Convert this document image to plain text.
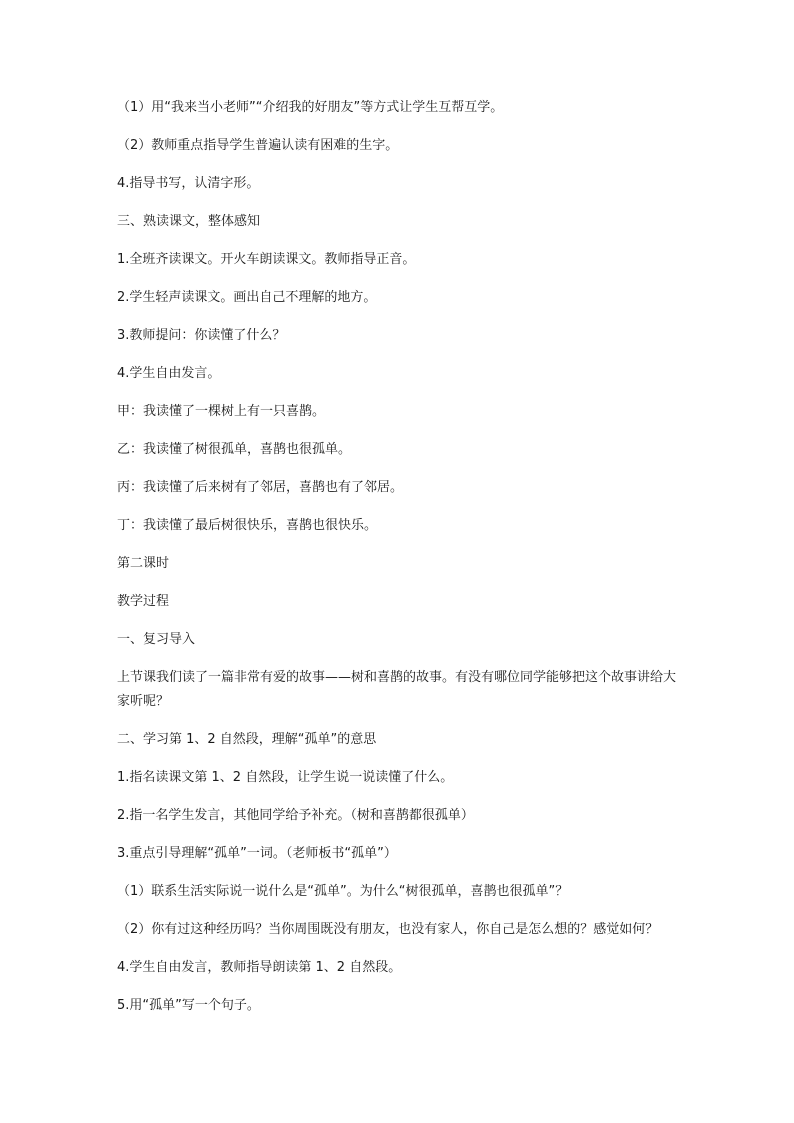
（1）用“我来当小老师”“介绍我的好朋友”等方式让学生互帮互学。

（2）教师重点指导学生普遍认读有困难的生字。

4.指导书写，认清字形。

三、熟读课文，整体感知

1.全班齐读课文。开火车朗读课文。教师指导正音。

2.学生轻声读课文。画出自己不理解的地方。

3.教师提问：你读懂了什么？

4.学生自由发言。

甲：我读懂了一棵树上有一只喜鹊。

乙：我读懂了树很孤单，喜鹊也很孤单。

丙：我读懂了后来树有了邻居，喜鹊也有了邻居。

丁：我读懂了最后树很快乐，喜鹊也很快乐。

第二课时

教学过程

一、复习导入

上节课我们读了一篇非常有爱的故事——树和喜鹊的故事。有没有哪位同学能够把这个故事讲给大家听呢？

二、学习第 1、2 自然段，理解“孤单”的意思

1.指名读课文第 1、2 自然段，让学生说一说读懂了什么。

2.指一名学生发言，其他同学给予补充。（树和喜鹊都很孤单）

3.重点引导理解“孤单”一词。（老师板书“孤单”）

（1）联系生活实际说一说什么是“孤单”。为什么“树很孤单，喜鹊也很孤单”？

（2）你有过这种经历吗？当你周围既没有朋友，也没有家人，你自己是怎么想的？感觉如何？

4.学生自由发言，教师指导朗读第 1、2 自然段。

5.用“孤单”写一个句子。
